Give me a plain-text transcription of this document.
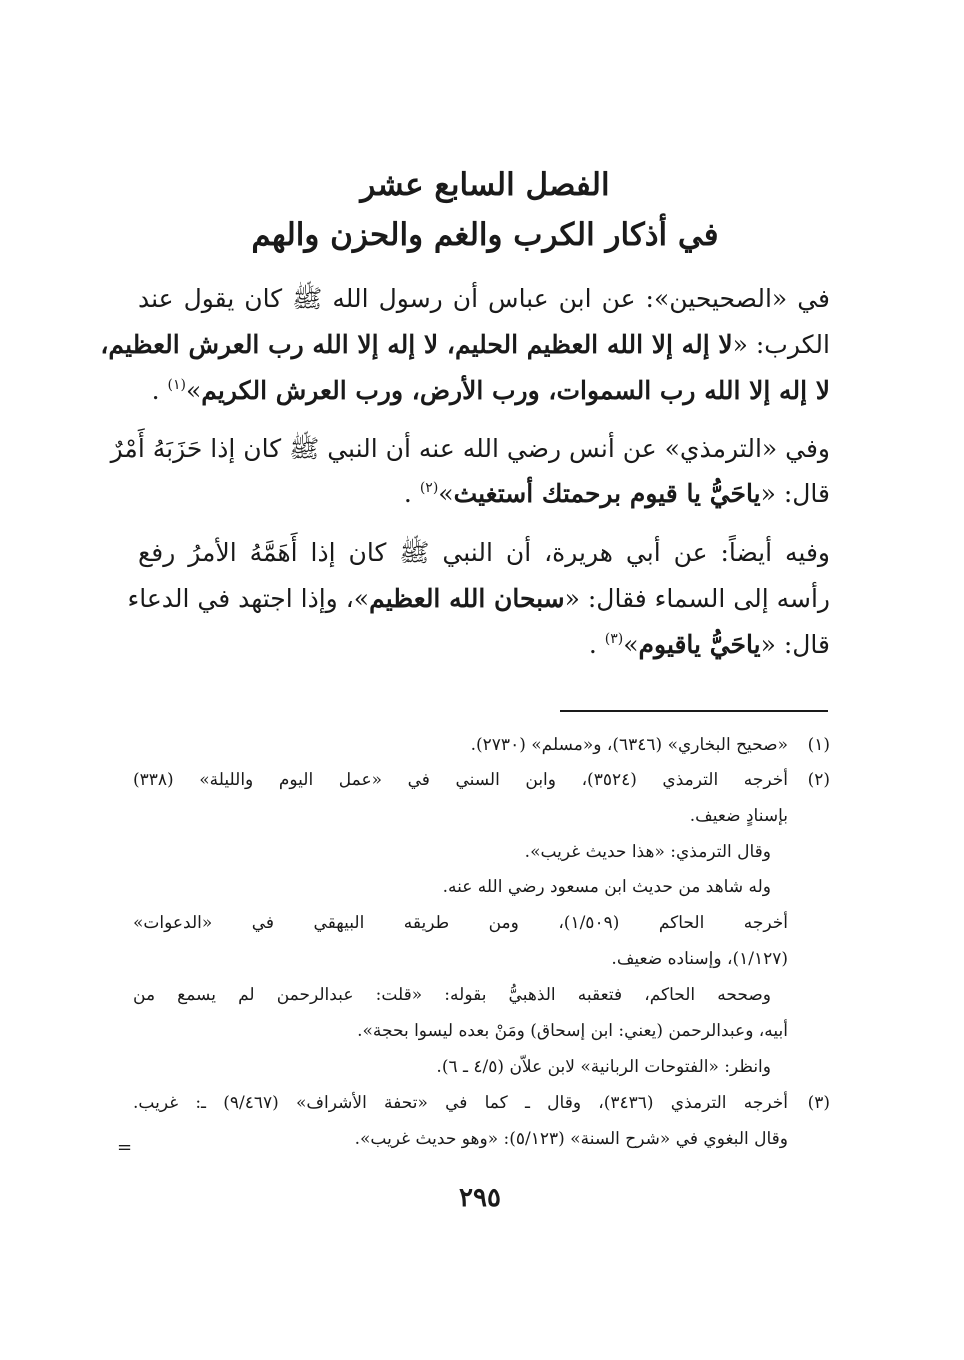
الفصل السابع عشر
في أذكار الكرب والغم والحزن والهم
في «الصحيحين»: عن ابن عباس أن رسول الله ﷺ كان يقول عند
الكرب: «لا إله إلا الله العظيم الحليم، لا إله إلا الله رب العرش العظيم،
لا إله إلا الله رب السموات، ورب الأرض، ورب العرش الكريم»$^{(١)}$ .
وفي «الترمذي» عن أنس رضي الله عنه أن النبي ﷺ كان إذا حَزَبَهُ أَمْرٌ
قال: «ياحَيُّ يا قيوم برحمتك أستغيث»$^{(٢)}$ .
وفيه أيضاً: عن أبي هريرة، أن النبي ﷺ كان إذا أَهَمَّهُ الأمرُ رفع
رأسه إلى السماء فقال: «سبحان الله العظيم»، وإذا اجتهد في الدعاء
قال: «ياحَيُّ ياقيوم»$^{(٣)}$ .
(١)«صحيح البخاري» (٦٣٤٦)، و«مسلم» (٢٧٣٠).
(٢)أخرجه الترمذي (٣٥٢٤)، وابن السني في «عمل اليوم والليلة» (٣٣٨)
بإسنادٍ ضعيف.
وقال الترمذي: «هذا حديث غريب».
وله شاهد من حديث ابن مسعود رضي الله عنه.
أخرجه الحاكم (١/٥٠٩)، ومن طريقه البيهقي في «الدعوات»
(١/١٢٧)، وإسناده ضعيف.
وصححه الحاكم، فتعقبه الذهبيُّ بقوله: «قلت: عبدالرحمن لم يسمع من
أبيه، وعبدالرحمن (يعني: ابن إسحاق) ومَنْ بعده ليسوا بحجة».
وانظر: «الفتوحات الربانية» لابن علاّن (٤/٥ ـ ٦).
(٣)أخرجه الترمذي (٣٤٣٦)، وقال ـ كما في «تحفة الأشراف» (٩/٤٦٧) ـ: غريب.
وقال البغوي في «شرح السنة» (٥/١٢٣): «وهو حديث غريب».
=
٢٩٥
